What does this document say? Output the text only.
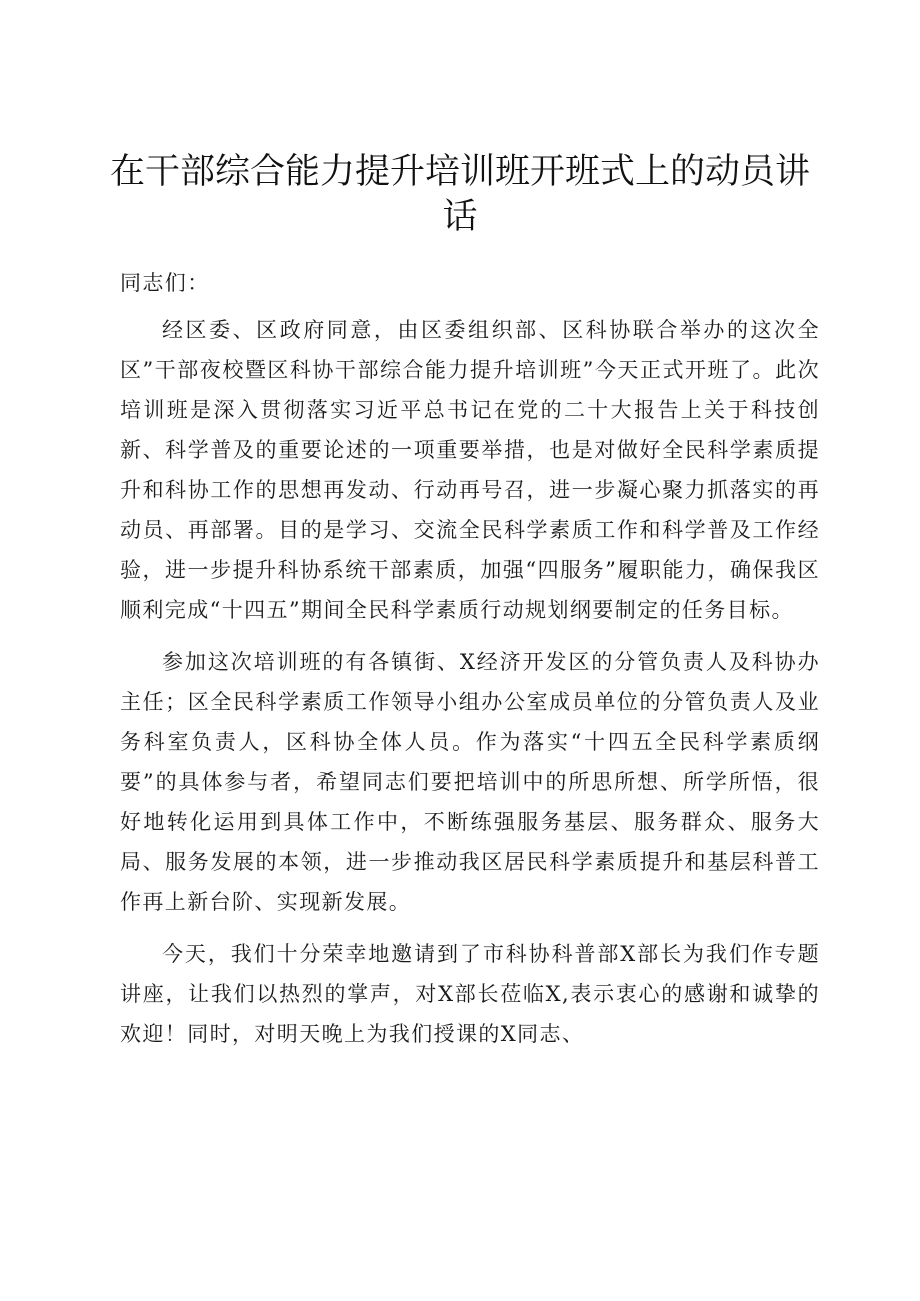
在干部综合能力提升培训班开班式上的动员讲话
同志们：

经区委、区政府同意，由区委组织部、区科协联合举办的这次全区”干部夜校暨区科协干部综合能力提升培训班”今天正式开班了。此次培训班是深入贯彻落实习近平总书记在党的二十大报告上关于科技创新、科学普及的重要论述的一项重要举措，也是对做好全民科学素质提升和科协工作的思想再发动、行动再号召，进一步凝心聚力抓落实的再动员、再部署。目的是学习、交流全民科学素质工作和科学普及工作经验，进一步提升科协系统干部素质，加强“四服务”履职能力，确保我区顺利完成“十四五”期间全民科学素质行动规划纲要制定的任务目标。

参加这次培训班的有各镇街、X经济开发区的分管负责人及科协办主任；区全民科学素质工作领导小组办公室成员单位的分管负责人及业务科室负责人，区科协全体人员。作为落实“十四五全民科学素质纲要”的具体参与者，希望同志们要把培训中的所思所想、所学所悟，很好地转化运用到具体工作中，不断练强服务基层、服务群众、服务大局、服务发展的本领，进一步推动我区居民科学素质提升和基层科普工作再上新台阶、实现新发展。

今天，我们十分荣幸地邀请到了市科协科普部X部长为我们作专题讲座，让我们以热烈的掌声，对X部长莅临X,表示衷心的感谢和诚挚的欢迎！同时，对明天晚上为我们授课的X同志、
